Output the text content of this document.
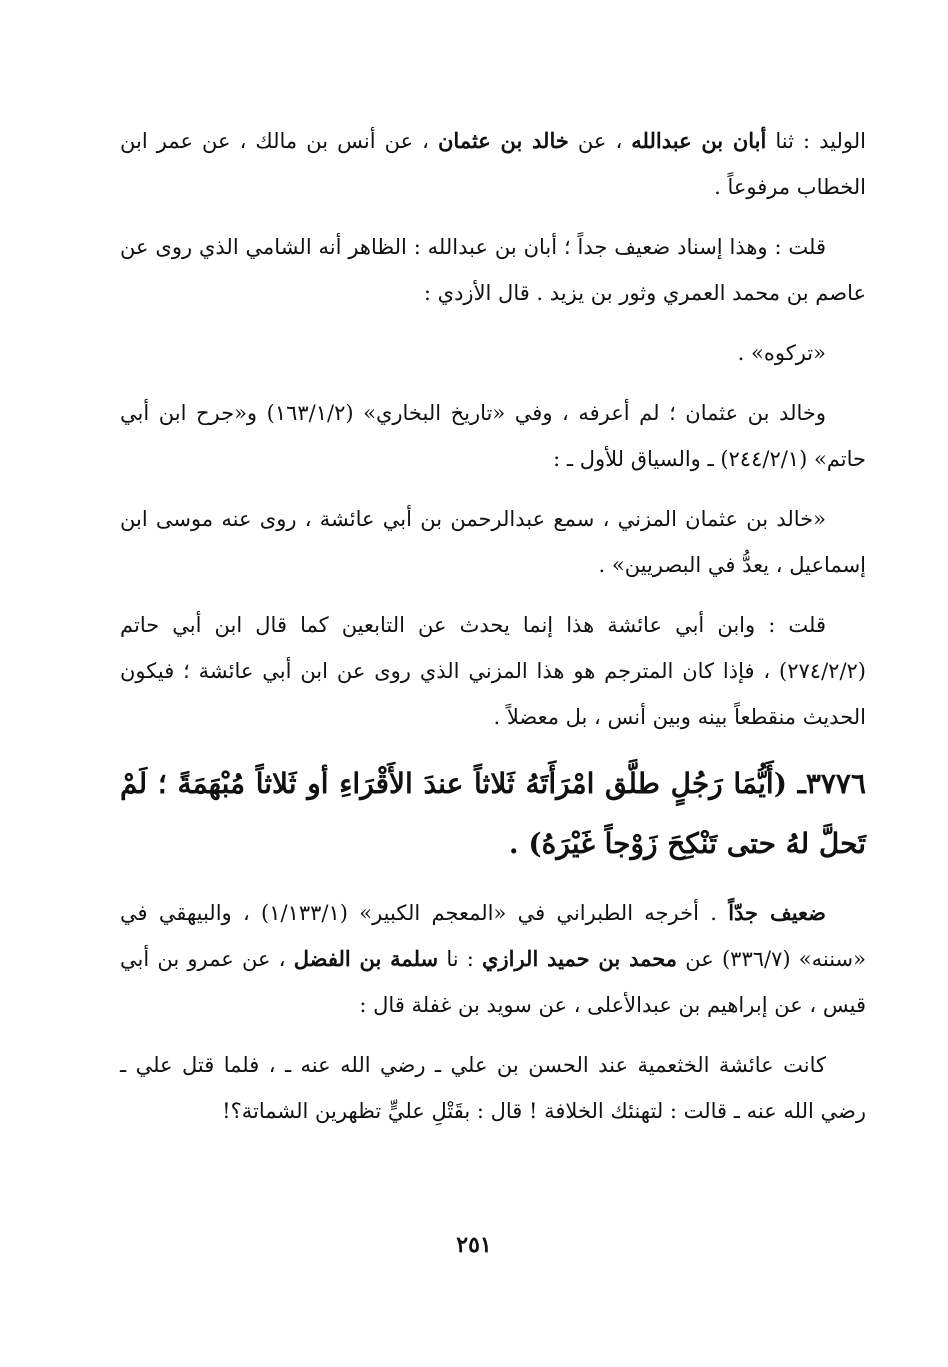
الوليد : ثنا أبان بن عبدالله ، عن خالد بن عثمان ، عن أنس بن مالك ، عن عمر ابن الخطاب مرفوعاً .

قلت : وهذا إسناد ضعيف جداً ؛ أبان بن عبدالله : الظاهر أنه الشامي الذي روى عن عاصم بن محمد العمري وثور بن يزيد . قال الأزدي :

«تركوه» .

وخالد بن عثمان ؛ لم أعرفه ، وفي «تاريخ البخاري» (١٦٣/١/٢) و«جرح ابن أبي حاتم» (٢٤٤/٢/١) ـ والسياق للأول ـ :

«خالد بن عثمان المزني ، سمع عبدالرحمن بن أبي عائشة ، روى عنه موسى ابن إسماعيل ، يعدُّ في البصريين» .

قلت : وابن أبي عائشة هذا إنما يحدث عن التابعين كما قال ابن أبي حاتم (٢٧٤/٢/٢) ، فإذا كان المترجم هو هذا المزني الذي روى عن ابن أبي عائشة ؛ فيكون الحديث منقطعاً بينه وبين أنس ، بل معضلاً .

٣٧٧٦ـ (أَيُّمَا رَجُلٍ طلَّق امْرَأَتَهُ ثَلاثاً عندَ الأَقْرَاءِ أو ثَلاثاً مُبْهَمَةً ؛ لَمْ تَحلَّ لهُ حتى تَنْكِحَ زَوْجاً غَيْرَهُ) .

ضعيف جدّاً . أخرجه الطبراني في «المعجم الكبير» (١/١٣٣/١) ، والبيهقي في «سننه» (٣٣٦/٧) عن محمد بن حميد الرازي : نا سلمة بن الفضل ، عن عمرو بن أبي قيس ، عن إبراهيم بن عبدالأعلى ، عن سويد بن غفلة قال :

كانت عائشة الخثعمية عند الحسن بن علي ـ رضي الله عنه ـ ، فلما قتل علي ـ رضي الله عنه ـ قالت : لتهنئك الخلافة ! قال : بقَتْلِ عليٍّ تظهرين الشماتة؟!

٢٥١
